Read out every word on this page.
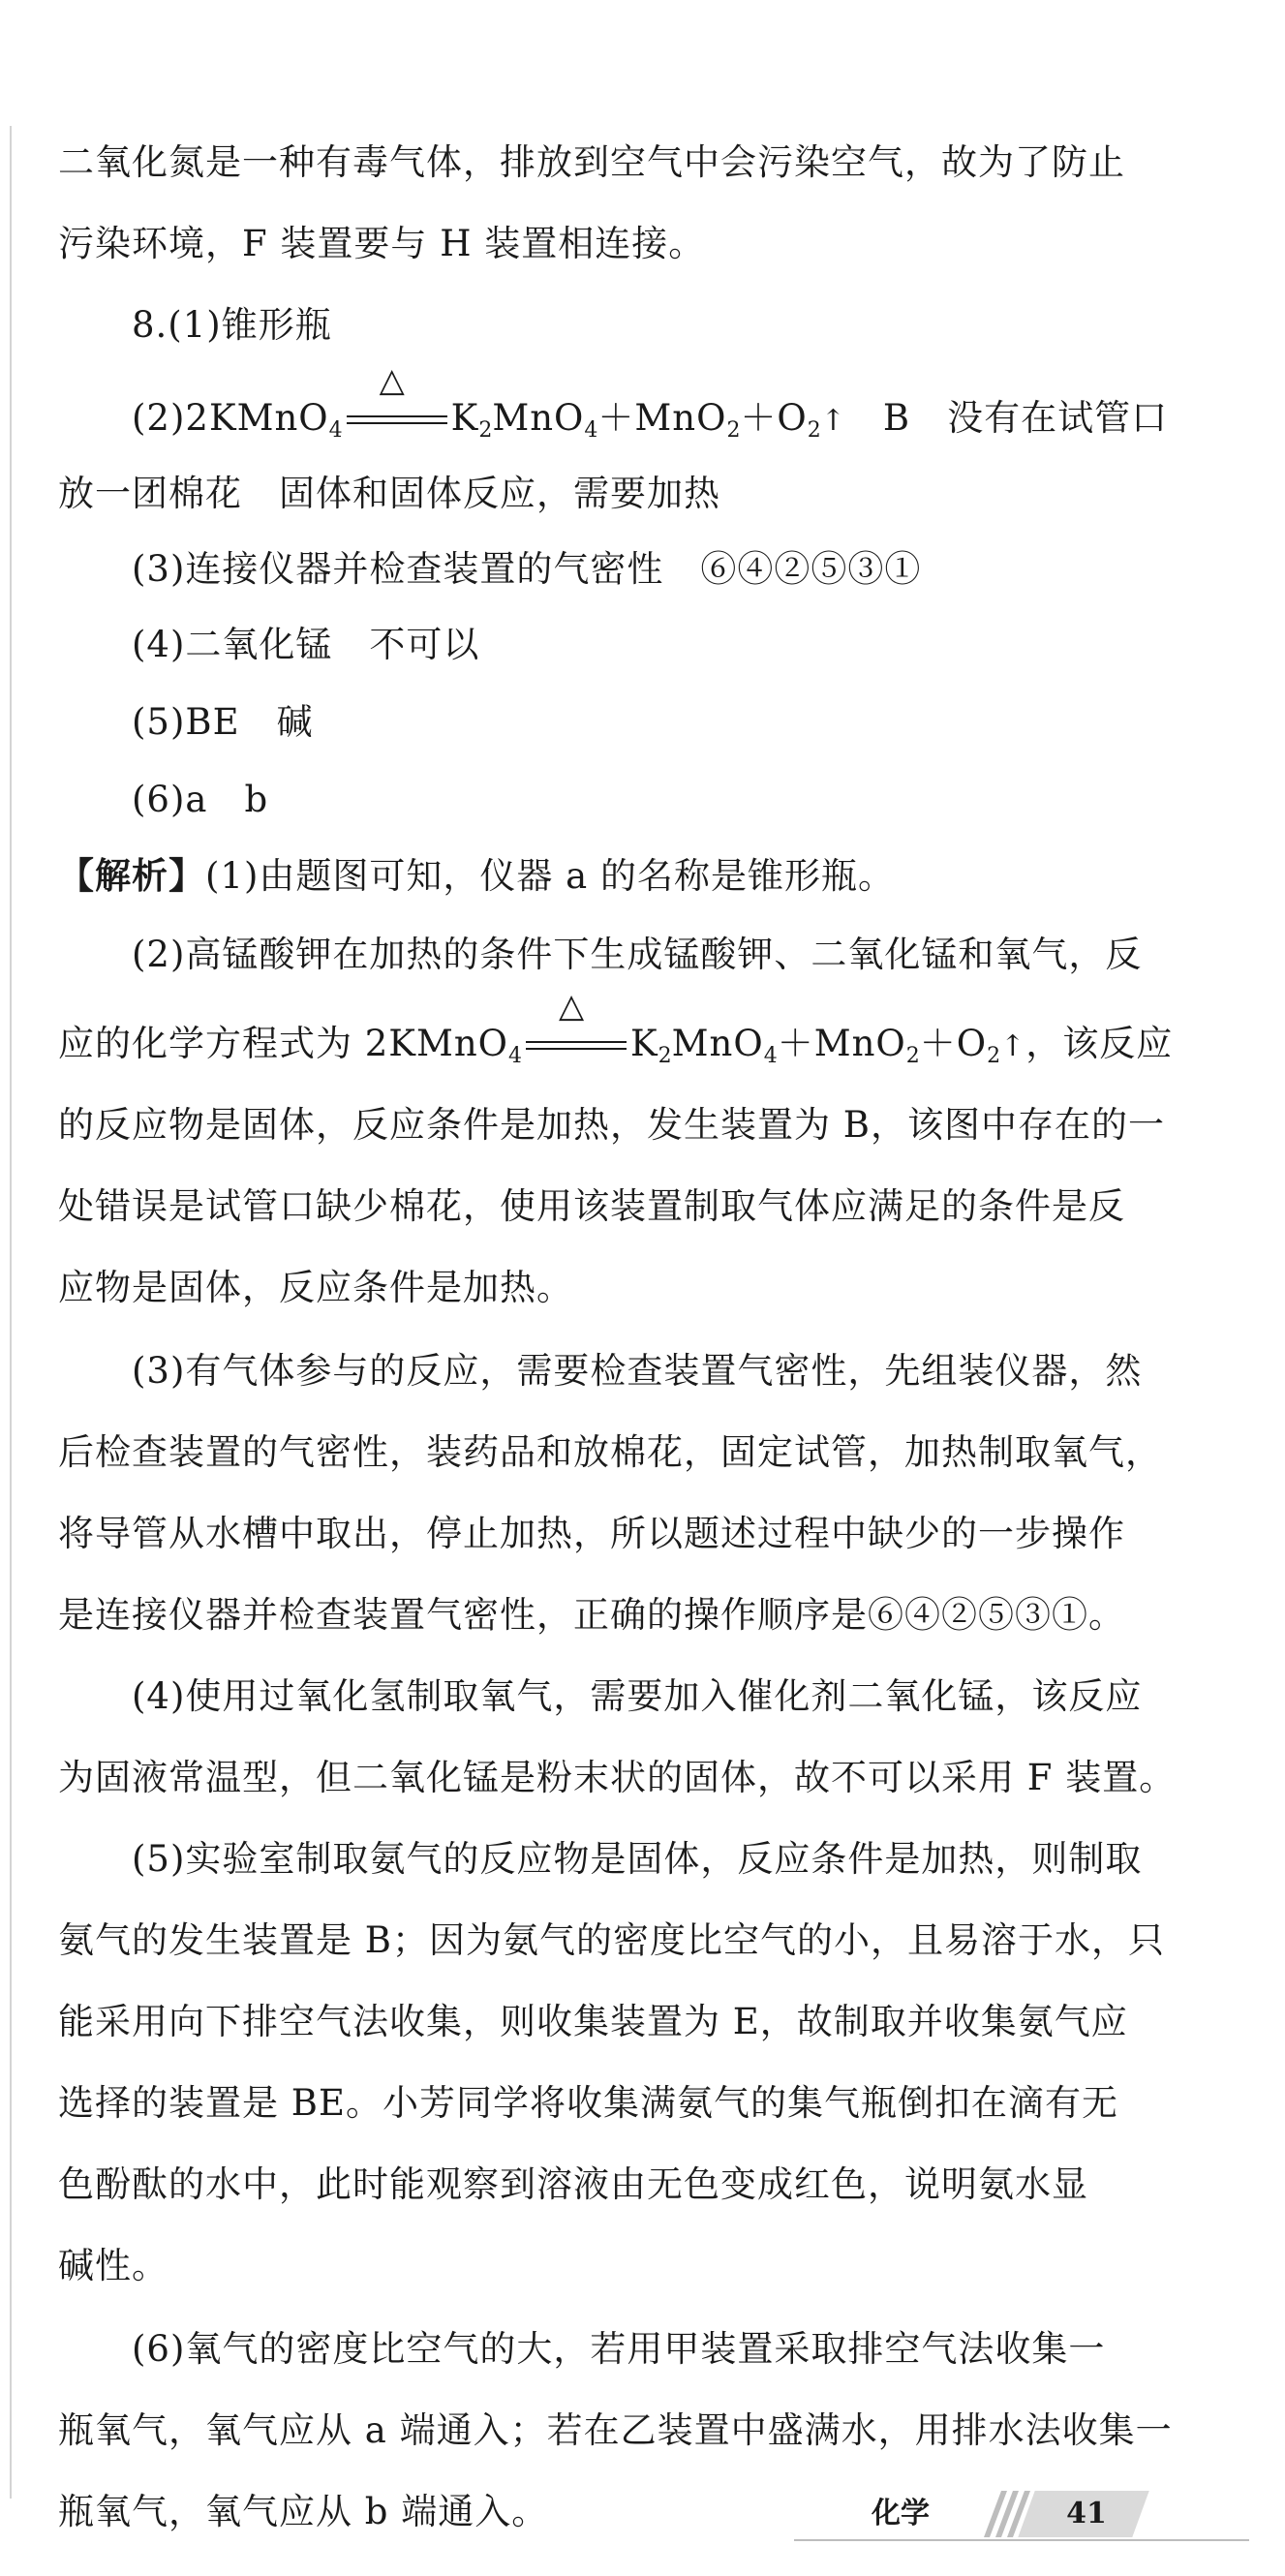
二氧化氮是一种有毒气体，排放到空气中会污染空气，故为了防止
污染环境，F 装置要与 H 装置相连接。
8.(1)锥形瓶
(2)2KMnO$_4$
△
$K_2MnO_4+MnO_2+O_2↑$　B　没有在试管口
放一团棉花　固体和固体反应，需要加热
(3)连接仪器并检查装置的气密性　⑥④②⑤③①
(4)二氧化锰　不可以
(5)BE　碱
(6)a　b
【解析】(1)由题图可知，仪器 a 的名称是锥形瓶。
(2)高锰酸钾在加热的条件下生成锰酸钾、二氧化锰和氧气，反
应的化学方程式为 2KMnO$_4$
△
$K_2MnO_4+MnO_2+O_2↑$，该反应
的反应物是固体，反应条件是加热，发生装置为 B，该图中存在的一
处错误是试管口缺少棉花，使用该装置制取气体应满足的条件是反
应物是固体，反应条件是加热。
(3)有气体参与的反应，需要检查装置气密性，先组装仪器，然
后检查装置的气密性，装药品和放棉花，固定试管，加热制取氧气，
将导管从水槽中取出，停止加热，所以题述过程中缺少的一步操作
是连接仪器并检查装置气密性，正确的操作顺序是⑥④②⑤③①。
(4)使用过氧化氢制取氧气，需要加入催化剂二氧化锰，该反应
为固液常温型，但二氧化锰是粉末状的固体，故不可以采用 F 装置。
(5)实验室制取氨气的反应物是固体，反应条件是加热，则制取
氨气的发生装置是 B；因为氨气的密度比空气的小，且易溶于水，只
能采用向下排空气法收集，则收集装置为 E，故制取并收集氨气应
选择的装置是 BE。小芳同学将收集满氨气的集气瓶倒扣在滴有无
色酚酞的水中，此时能观察到溶液由无色变成红色，说明氨水显
碱性。
(6)氧气的密度比空气的大，若用甲装置采取排空气法收集一
瓶氧气，氧气应从 a 端通入；若在乙装置中盛满水，用排水法收集一
瓶氧气，氧气应从 b 端通入。	化学	41
